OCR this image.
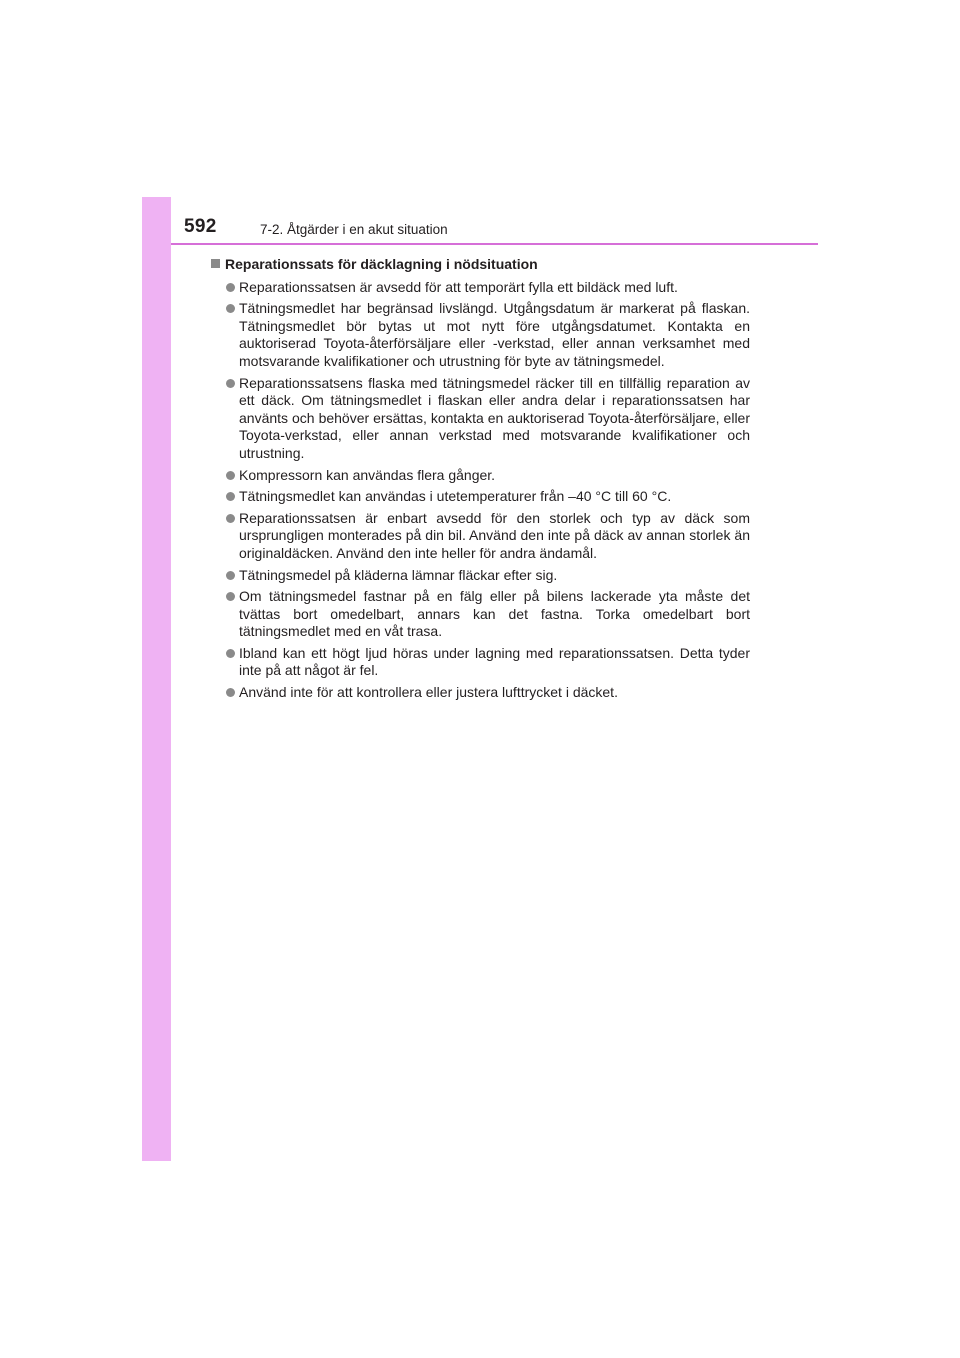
592	7-2. Åtgärder i en akut situation
Reparationssats för däcklagning i nödsituation
Reparationssatsen är avsedd för att temporärt fylla ett bildäck med luft.
Tätningsmedlet har begränsad livslängd. Utgångsdatum är markerat på flaskan. Tätningsmedlet bör bytas ut mot nytt före utgångsdatumet. Kontakta en auktoriserad Toyota-återförsäljare eller -verkstad, eller annan verksamhet med motsvarande kvalifikationer och utrustning för byte av tätningsmedel.
Reparationssatsens flaska med tätningsmedel räcker till en tillfällig reparation av ett däck. Om tätningsmedlet i flaskan eller andra delar i reparationssatsen har använts och behöver ersättas, kontakta en auktoriserad Toyota-återförsäljare, eller Toyota-verkstad, eller annan verkstad med motsvarande kvalifikationer och utrustning.
Kompressorn kan användas flera gånger.
Tätningsmedlet kan användas i utetemperaturer från –40 °C till 60 °C.
Reparationssatsen är enbart avsedd för den storlek och typ av däck som ursprungligen monterades på din bil. Använd den inte på däck av annan storlek än originaldäcken. Använd den inte heller för andra ändamål.
Tätningsmedel på kläderna lämnar fläckar efter sig.
Om tätningsmedel fastnar på en fälg eller på bilens lackerade yta måste det tvättas bort omedelbart, annars kan det fastna. Torka omedelbart bort tätningsmedlet med en våt trasa.
Ibland kan ett högt ljud höras under lagning med reparationssatsen. Detta tyder inte på att något är fel.
Använd inte för att kontrollera eller justera lufttrycket i däcket.
